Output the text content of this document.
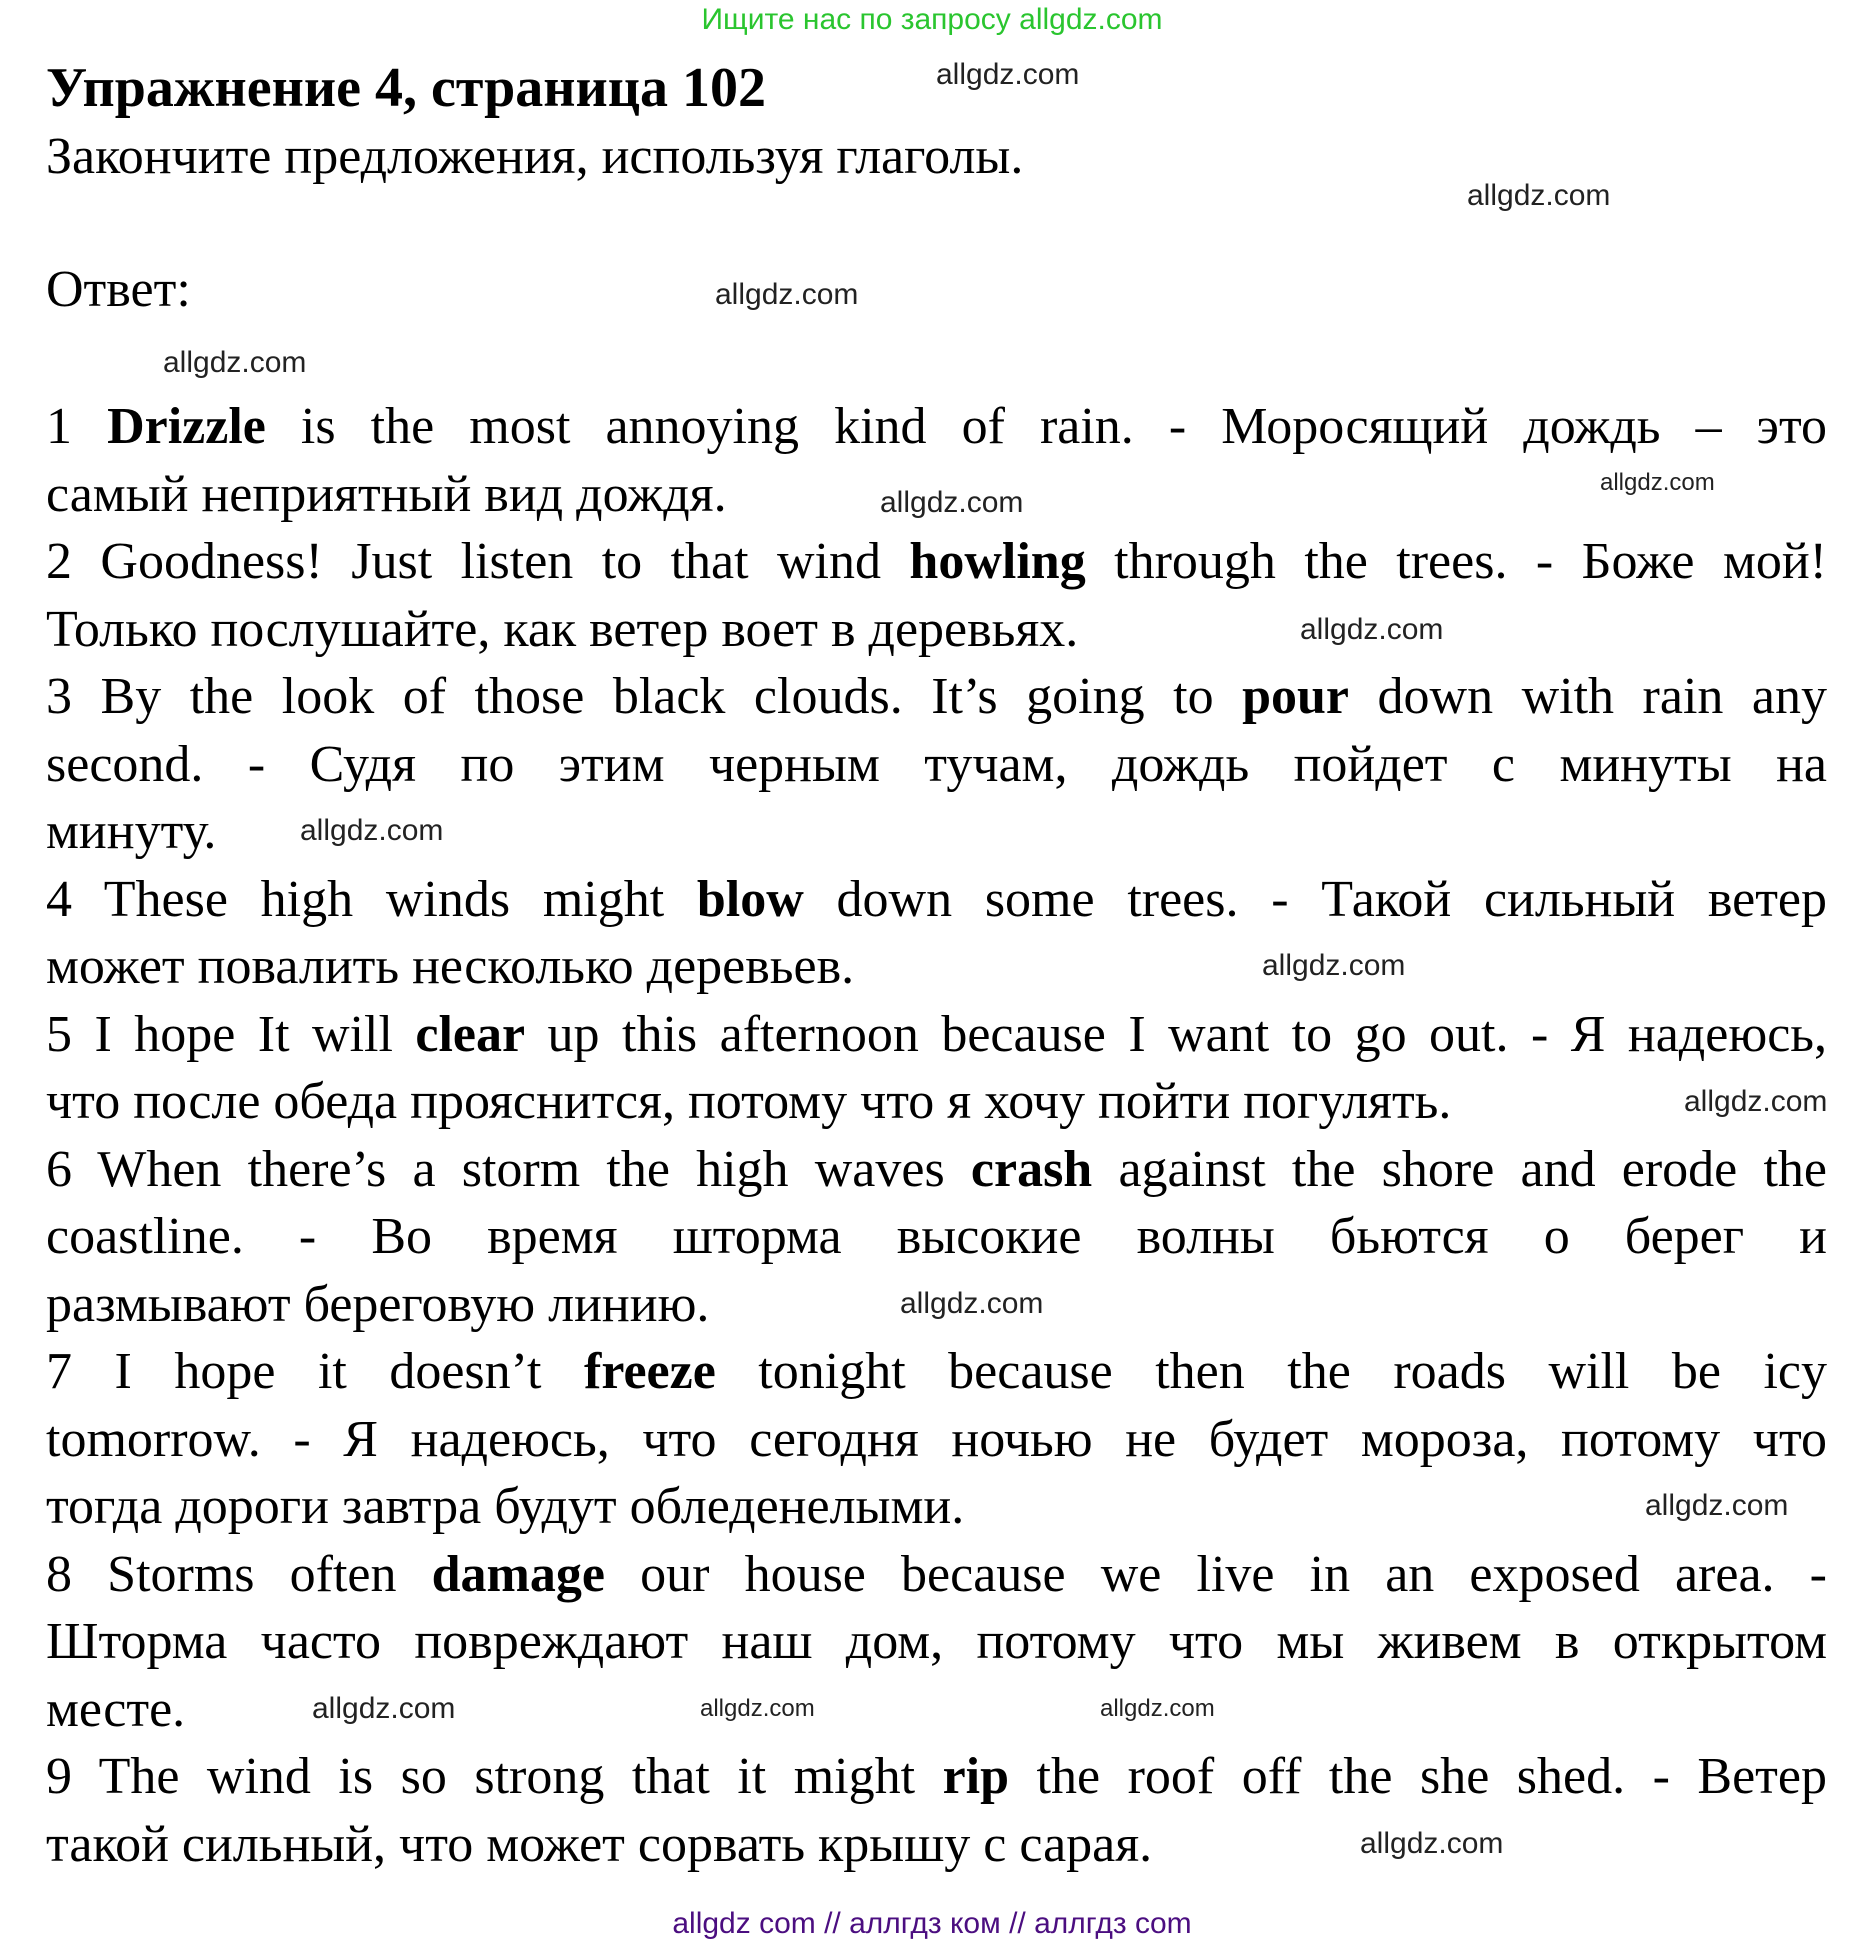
Ищите нас по запросу allgdz.com
Упражнение 4, страница 102
Закончите предложения, используя глаголы.
Ответ:
1 Drizzle is the most annoying kind of rain. - Моросящий дождь – это
самый неприятный вид дождя.
2 Goodness! Just listen to that wind howling through the trees. - Боже мой!
Только послушайте, как ветер воет в деревьях.
3 By the look of those black clouds. It’s going to pour down with rain any
second. - Судя по этим черным тучам, дождь пойдет с минуты на
минуту.
4 These high winds might blow down some trees. - Такой сильный ветер
может повалить несколько деревьев.
5 I hope It will clear up this afternoon because I want to go out. - Я надеюсь,
что после обеда прояснится, потому что я хочу пойти погулять.
6 When there’s a storm the high waves crash against the shore and erode the
coastline. - Во время шторма высокие волны бьются о берег и
размывают береговую линию.
7 I hope it doesn’t freeze tonight because then the roads will be icy
tomorrow. - Я надеюсь, что сегодня ночью не будет мороза, потому что
тогда дороги завтра будут обледенелыми.
8 Storms often damage our house because we live in an exposed area. -
Шторма часто повреждают наш дом, потому что мы живем в открытом
месте.
9 The wind is so strong that it might rip the roof off the she shed. - Ветер
такой сильный, что может сорвать крышу с сарая.
allgdz.com
allgdz.com
allgdz.com
allgdz.com
allgdz.com
allgdz.com
allgdz.com
allgdz.com
allgdz.com
allgdz.com
allgdz.com
allgdz.com
allgdz.com
allgdz.com
allgdz.com
allgdz.com
allgdz com // аллгдз ком // аллгдз com
